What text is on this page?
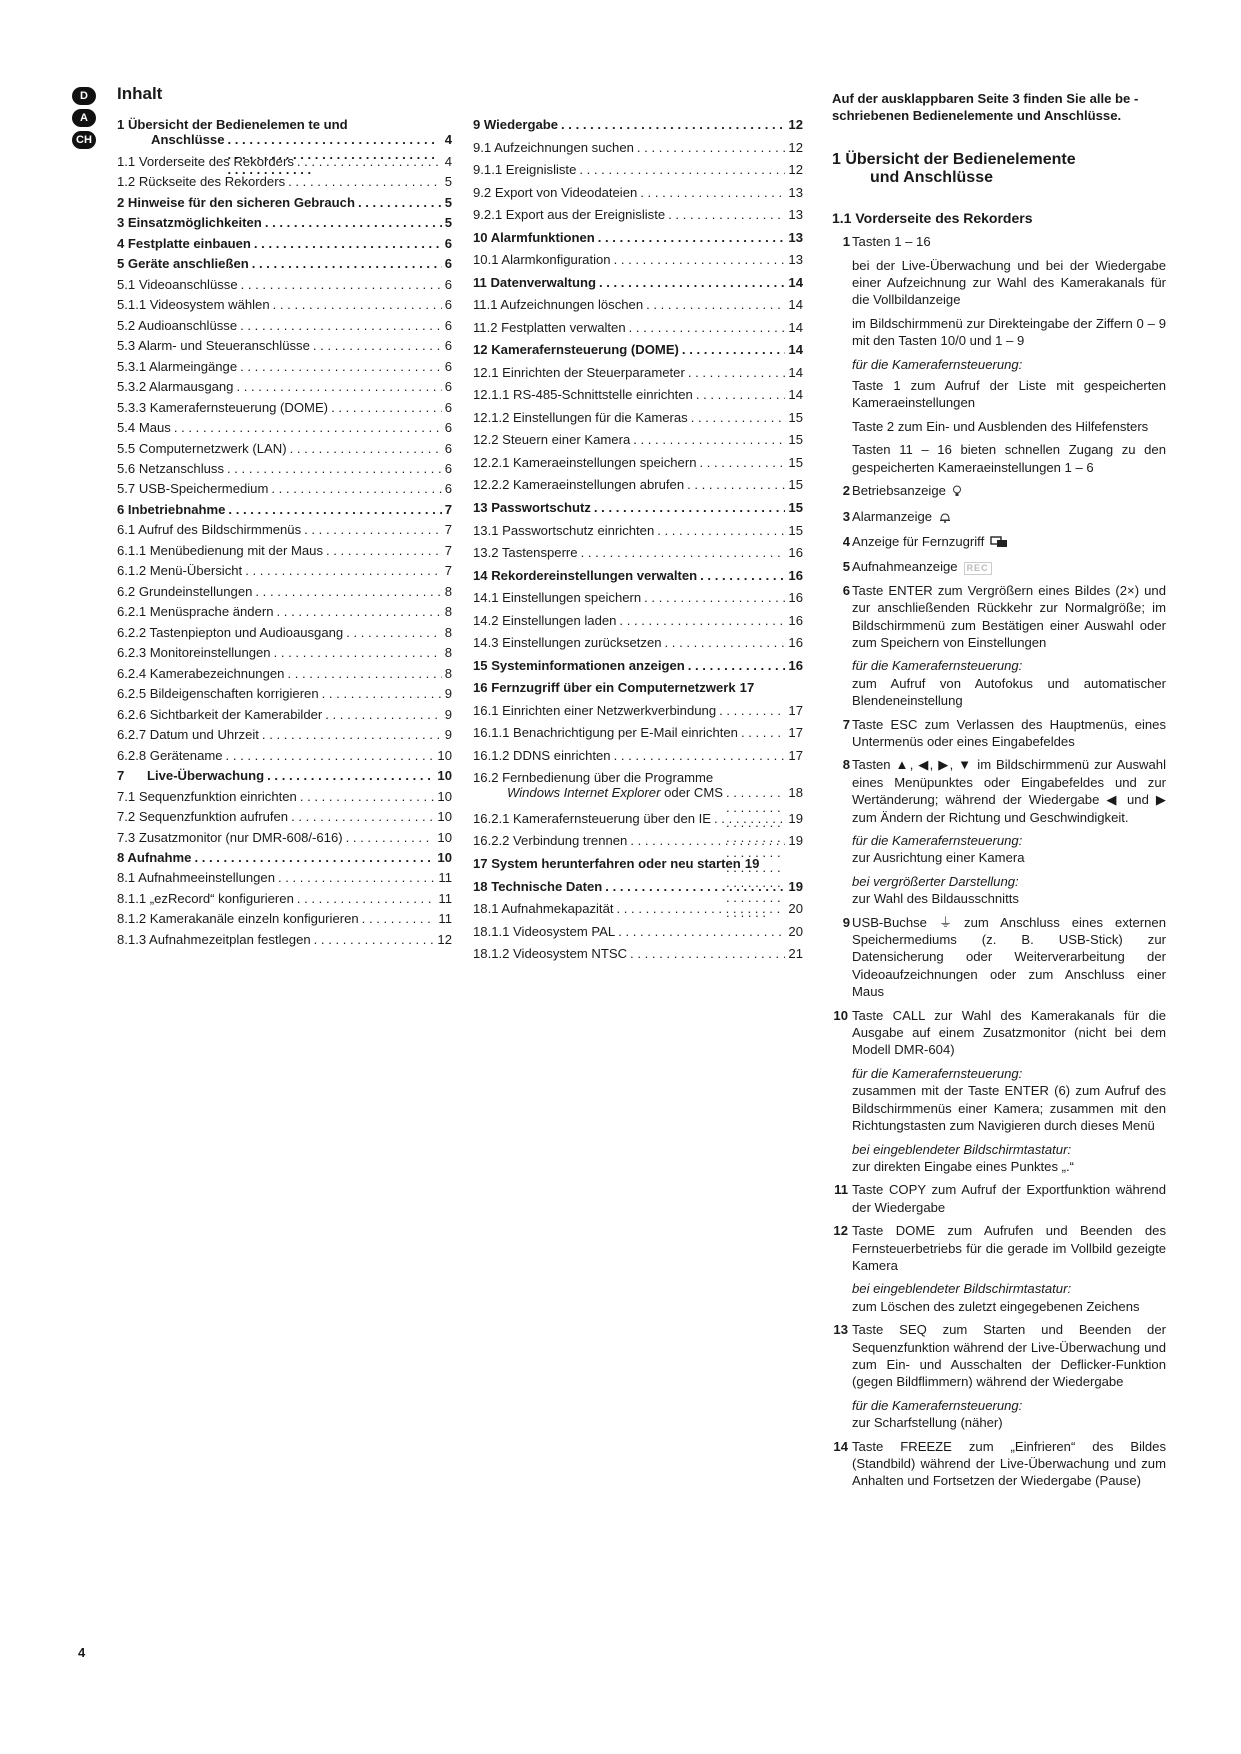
D
A
CH
Inhalt
1 Übersicht der Bedienelemen te und
Anschlüsse . . .	4
1.1 Vorderseite des Rekorders . . .	4
1.2 Rückseite des Rekorders . . .	5
2 Hinweise für den sicheren Gebrauch . . .	5
3 Einsatzmöglichkeiten . . .	5
4 Festplatte einbauen . . .	6
5 Geräte anschließen . . .	6
5.1 Videoanschlüsse . . .	6
5.1.1 Videosystem wählen . . .	6
5.2 Audioanschlüsse . . .	6
5.3 Alarm- und Steueranschlüsse . . .	6
5.3.1 Alarmeingänge . . .	6
5.3.2 Alarmausgang . . .	6
5.3.3 Kamerafernsteuerung (DOME) . . .	6
5.4 Maus . . .	6
5.5 Computernetzwerk (LAN) . . .	6
5.6 Netzanschluss . . .	6
5.7 USB-Speichermedium . . .	6
6 Inbetriebnahme . . .	7
6.1 Aufruf des Bildschirmmenüs . . .	7
6.1.1 Menübedienung mit der Maus . . .	7
6.1.2 Menü-Übersicht . . .	7
6.2 Grundeinstellungen . . .	8
6.2.1 Menüsprache ändern . . .	8
6.2.2 Tastenpiepton und Audioausgang . . .	8
6.2.3 Monitoreinstellungen . . .	8
6.2.4 Kamerabezeichnungen . . .	8
6.2.5 Bildeigenschaften korrigieren . . .	9
6.2.6 Sichtbarkeit der Kamerabilder . . .	9
6.2.7 Datum und Uhrzeit . . .	9
6.2.8 Gerätename . . .	10
7 Live-Überwachung . . .	10
7.1 Sequenzfunktion einrichten . . .	10
7.2 Sequenzfunktion aufrufen . . .	10
7.3 Zusatzmonitor (nur DMR-608/-616) . . .	10
8 Aufnahme . . .	10
8.1 Aufnahmeeinstellungen . . .	11
8.1.1 „ezRecord“ konfigurieren . . .	11
8.1.2 Kamerakanäle einzeln konfigurieren . . .	11
8.1.3 Aufnahmezeitplan festlegen . . .	12
9 Wiedergabe . . .	12
9.1 Aufzeichnungen suchen . . .	12
9.1.1 Ereignisliste . . .	12
9.2 Export von Videodateien . . .	13
9.2.1 Export aus der Ereignisliste . . .	13
10 Alarmfunktionen . . .	13
10.1 Alarmkonfiguration . . .	13
11 Datenverwaltung . . .	14
11.1 Aufzeichnungen löschen . . .	14
11.2 Festplatten verwalten . . .	14
12 Kamerafernsteuerung (DOME) . . .	14
12.1 Einrichten der Steuerparameter . . .	14
12.1.1 RS-485-Schnittstelle einrichten . . .	14
12.1.2 Einstellungen für die Kameras . . .	15
12.2 Steuern einer Kamera . . .	15
12.2.1 Kameraeinstellungen speichern . . .	15
12.2.2 Kameraeinstellungen abrufen . . .	15
13 Passwortschutz . . .	15
13.1 Passwortschutz einrichten . . .	15
13.2 Tastensperre . . .	16
14 Rekordereinstellungen verwalten . . .	16
14.1 Einstellungen speichern . . .	16
14.2 Einstellungen laden . . .	16
14.3 Einstellungen zurücksetzen . . .	16
15 Systeminformationen anzeigen . . .	16
16 Fernzugriff über ein Computernetzwerk 17
16.1 Einrichten einer Netzwerkverbindung . . .	17
16.1.1 Benachrichtigung per E-Mail einrichten . . .	17
16.1.2 DDNS einrichten . . .	17
16.2 Fernbedienung über die Programme
Windows Internet Explorer oder CMS . . .	18
16.2.1 Kamerafernsteuerung über den IE . . .	19
16.2.2 Verbindung trennen . . .	19
17 System herunterfahren oder neu starten 19
18 Technische Daten . . .	19
18.1 Aufnahmekapazität . . .	20
18.1.1 Videosystem PAL . . .	20
18.1.2 Videosystem NTSC . . .	21

Auf der ausklappbaren Seite 3 finden Sie alle be - schriebenen Bedienelemente und Anschlüsse.

1 Übersicht der Bedienelemente
und Anschlüsse
1.1 Vorderseite des Rekorders
1 Tasten 1 – 16
bei der Live-Überwachung und bei der Wiedergabe einer Aufzeichnung zur Wahl des Kamerakanals für die Vollbildanzeige
im Bildschirmmenü zur Direkteingabe der Ziffern 0 – 9 mit den Tasten 10/0 und 1 – 9
für die Kamerafernsteuerung:
Taste 1 zum Aufruf der Liste mit gespeicherten Kameraeinstellungen
Taste 2 zum Ein- und Ausblenden des Hilfefensters
Tasten 11 – 16 bieten schnellen Zugang zu den gespeicherten Kameraeinstellungen 1 – 6
2 Betriebsanzeige
3 Alarmanzeige
4 Anzeige für Fernzugriff
5 Aufnahmeanzeige REC
6 Taste ENTER zum Vergrößern eines Bildes (2×) und zur anschließenden Rückkehr zur Normalgröße; im Bildschirmmenü zum Bestätigen einer Auswahl oder zum Speichern von Einstellungen
für die Kamerafernsteuerung:
zum Aufruf von Autofokus und automatischer Blendeneinstellung
7 Taste ESC zum Verlassen des Hauptmenüs, eines Untermenüs oder eines Eingabefeldes
8 Tasten ▲, ◀, ▶, ▼ im Bildschirmmenü zur Auswahl eines Menüpunktes oder Eingabefeldes und zur Wertänderung; während der Wiedergabe ◀ und ▶ zum Ändern der Richtung und Geschwindigkeit.
für die Kamerafernsteuerung:
zur Ausrichtung einer Kamera
bei vergrößerter Darstellung:
zur Wahl des Bildausschnitts
9 USB-Buchse ⏚ zum Anschluss eines externen Speichermediums (z. B. USB-Stick) zur Datensicherung oder Weiterverarbeitung der Videoaufzeichnungen oder zum Anschluss einer Maus
10 Taste CALL zur Wahl des Kamerakanals für die Ausgabe auf einem Zusatzmonitor (nicht bei dem Modell DMR-604)
für die Kamerafernsteuerung:
zusammen mit der Taste ENTER (6) zum Aufruf des Bildschirmmenüs einer Kamera; zusammen mit den Richtungstasten zum Navigieren durch dieses Menü
bei eingeblendeter Bildschirmtastatur:
zur direkten Eingabe eines Punktes „.“
11 Taste COPY zum Aufruf der Exportfunktion während der Wiedergabe
12 Taste DOME zum Aufrufen und Beenden des Fernsteuerbetriebs für die gerade im Vollbild gezeigte Kamera
bei eingeblendeter Bildschirmtastatur:
zum Löschen des zuletzt eingegebenen Zeichens
13 Taste SEQ zum Starten und Beenden der Sequenzfunktion während der Live-Überwachung und zum Ein- und Ausschalten der Deflicker-Funktion (gegen Bildflimmern) während der Wiedergabe
für die Kamerafernsteuerung:
zur Scharfstellung (näher)
14 Taste FREEZE zum „Einfrieren“ des Bildes (Standbild) während der Live-Überwachung und zum Anhalten und Fortsetzen der Wiedergabe (Pause)
4
